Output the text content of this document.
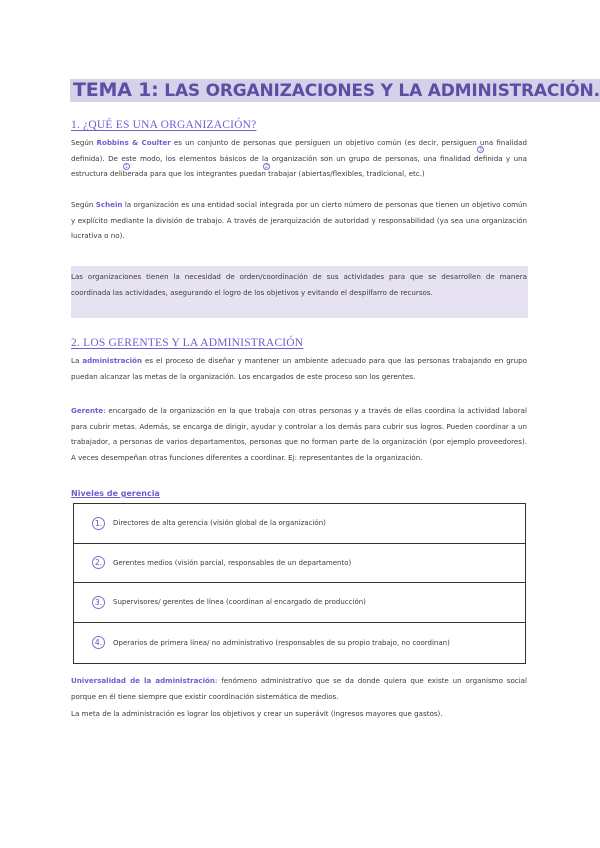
TEMA 1: LAS ORGANIZACIONES Y LA ADMINISTRACIÓN.
1. ¿QUÉ ES UNA ORGANIZACIÓN?
Según Robbins & Coulter es un conjunto de personas que persiguen un objetivo común (es decir, persiguen una finalidad definida). De este modo, los elementos básicos de la organización son un grupo de personas, una finalidad definida y una estructura deliberada para que los integrantes puedan trabajar (abiertas/flexibles, tradicional, etc.)
1	2
3
Según Schein la organización es una entidad social integrada por un cierto número de personas que tienen un objetivo común y explícito mediante la división de trabajo. A través de jerarquización de autoridad y responsabilidad (ya sea una organización lucrativa o no).
Las organizaciones tienen la necesidad de orden/coordinación de sus actividades para que se desarrollen de manera coordinada las actividades, asegurando el logro de los objetivos y evitando el despilfarro de recursos.
2. LOS GERENTES Y LA ADMINISTRACIÓN
La administración es el proceso de diseñar y mantener un ambiente adecuado para que las personas trabajando en grupo puedan alcanzar las metas de la organización. Los encargados de este proceso son los gerentes.
Gerente: encargado de la organización en la que trabaja con otras personas y a través de ellas coordina la actividad laboral para cubrir metas. Además, se encarga de dirigir, ayudar y controlar a los demás para cubrir sus logros. Pueden coordinar a un trabajador, a personas de varios departamentos, personas que no forman parte de la organización (por ejemplo proveedores). A veces desempeñan otras funciones diferentes a coordinar. Ej: representantes de la organización.
Niveles de gerencia
1.	Directores de alta gerencia (visión global de la organización)
2.	Gerentes medios (visión parcial, responsables de un departamento)
3.	Supervisores/ gerentes de línea (coordinan al encargado de producción)
4.	Operarios de primera línea/ no administrativo (responsables de su propio trabajo, no coordinan)
Universalidad de la administración: fenómeno administrativo que se da donde quiera que existe un organismo social porque en él tiene siempre que existir coordinación sistemática de medios.
La meta de la administración es lograr los objetivos y crear un superávit (ingresos mayores que gastos).
